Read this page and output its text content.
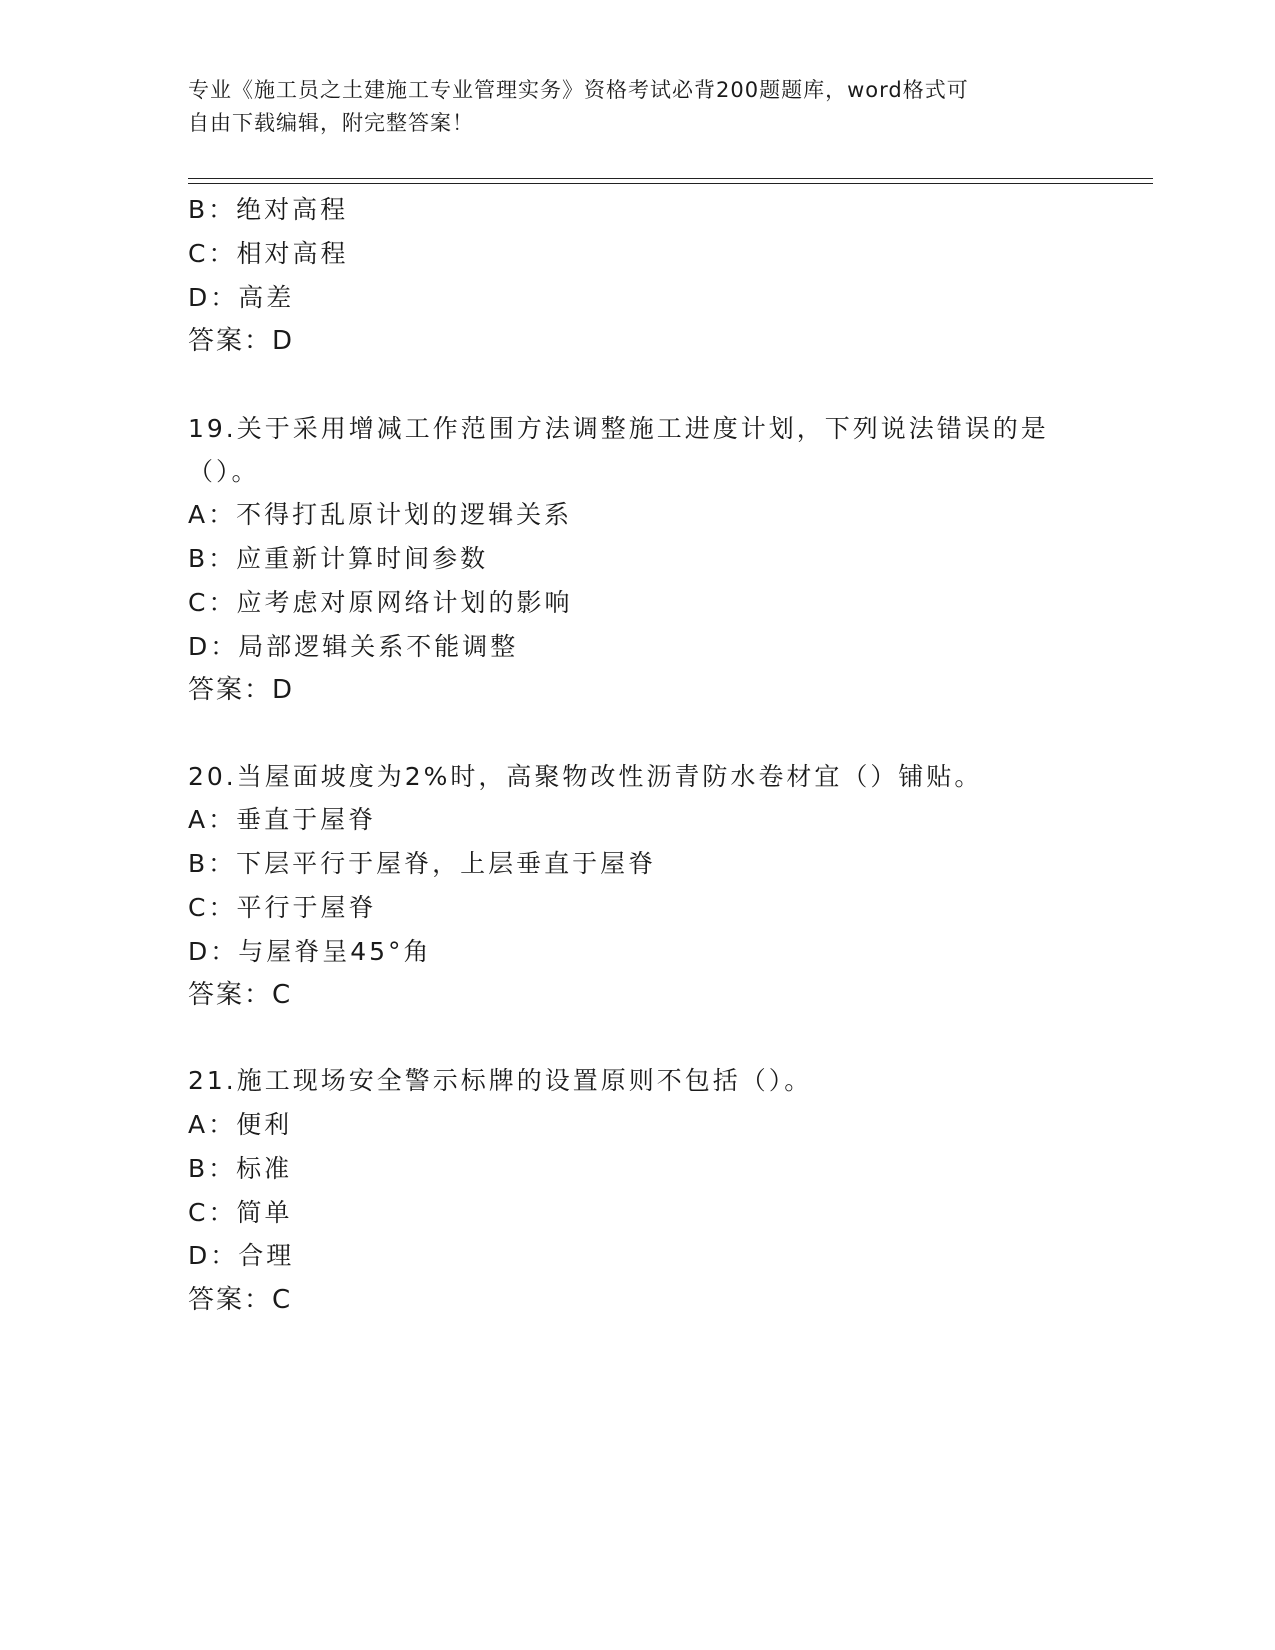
专业《施工员之土建施工专业管理实务》资格考试必背200题题库，word格式可
自由下载编辑，附完整答案！
B：绝对高程
C：相对高程
D：高差
答案：D
19.关于采用增减工作范围方法调整施工进度计划，下列说法错误的是
（）。
A：不得打乱原计划的逻辑关系
B：应重新计算时间参数
C：应考虑对原网络计划的影响
D：局部逻辑关系不能调整
答案：D
20.当屋面坡度为2%时，高聚物改性沥青防水卷材宜（）铺贴。
A：垂直于屋脊
B：下层平行于屋脊，上层垂直于屋脊
C：平行于屋脊
D：与屋脊呈45°角
答案：C
21.施工现场安全警示标牌的设置原则不包括（）。
A：便利
B：标准
C：简单
D：合理
答案：C
